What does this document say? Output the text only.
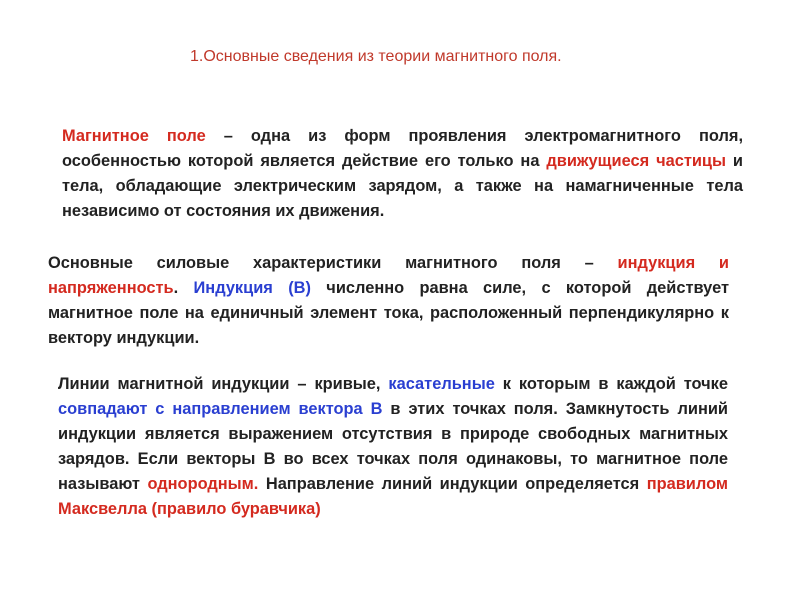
1.Основные сведения из теории магнитного поля.

Магнитное поле – одна из форм проявления электромагнитного поля, особенностью которой является действие его только на движущиеся частицы и тела, обладающие электрическим зарядом, а также на намагниченные тела независимо от состояния их движения.

Основные силовые характеристики магнитного поля – индукция и напряженность. Индукция (В) численно равна силе, с которой действует магнитное поле на единичный элемент тока, расположенный перпендикулярно к вектору индукции.

Линии магнитной индукции – кривые, касательные к которым в каждой точке совпадают с направлением вектора В в этих точках поля. Замкнутость линий индукции является выражением отсутствия в природе свободных магнитных зарядов. Если векторы В во всех точках поля одинаковы, то магнитное поле называют однородным. Направление линий индукции определяется правилом Максвелла (правило буравчика)
